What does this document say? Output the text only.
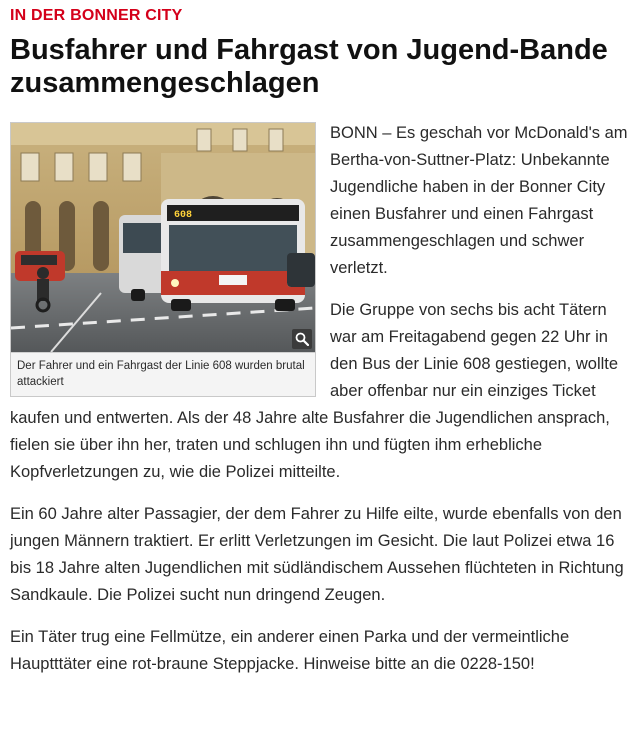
IN DER BONNER CITY
Busfahrer und Fahrgast von Jugend-Bande zusammengeschlagen
608
Der Fahrer und ein Fahrgast der Linie 608 wurden brutal attackiert

BONN – Es geschah vor McDonald's am Bertha-von-Suttner-Platz: Unbekannte Jugendliche haben in der Bonner City einen Busfahrer und einen Fahrgast zusammengeschlagen und schwer verletzt.

Die Gruppe von sechs bis acht Tätern war am Freitagabend gegen 22 Uhr in den Bus der Linie 608 gestiegen, wollte aber offenbar nur ein einziges Ticket kaufen und entwerten. Als der 48 Jahre alte Busfahrer die Jugendlichen ansprach, fielen sie über ihn her, traten und schlugen ihn und fügten ihm erhebliche Kopfverletzungen zu, wie die Polizei mitteilte.

Ein 60 Jahre alter Passagier, der dem Fahrer zu Hilfe eilte, wurde ebenfalls von den jungen Männern traktiert. Er erlitt Verletzungen im Gesicht. Die laut Polizei etwa 16 bis 18 Jahre alten Jugendlichen mit südländischem Aussehen flüchteten in Richtung Sandkaule. Die Polizei sucht nun dringend Zeugen.

Ein Täter trug eine Fellmütze, ein anderer einen Parka und der vermeintliche Hauptttäter eine rot-braune Steppjacke. Hinweise bitte an die 0228-150!
